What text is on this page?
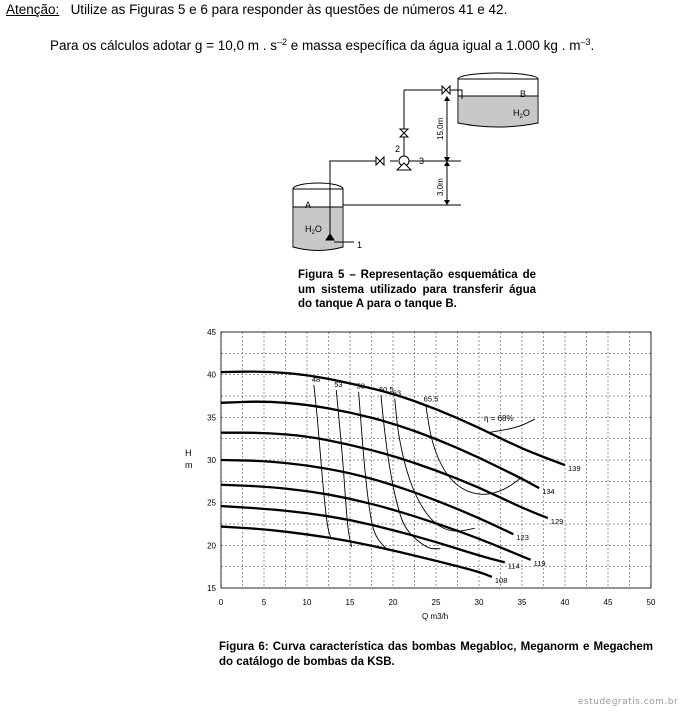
Atenção: Utilize as Figuras 5 e 6 para responder às questões de números 41 e 42.
Para os cálculos adotar g = 10,0 m . $s^{-2}$ e massa específica da água igual a 1.000 kg . $m^{-3}$.
A
B
$H_2O$
$H_2O$
1
2
3
15,0m
3,0m
Figura 5 – Representação esquemática de um sistema utilizado para transferir água do tanque A para o tanque B.
48
53 58 60,5 63
65,5
139
134
129
123
119
114
108
0	5	10	15	20	25	30	35	40	45	50
15
20
25
30
35
40
45
H
m
Q m3/h
η = 68%
Figura 6: Curva característica das bombas Megabloc, Meganorm e Megachem do catálogo de bombas da KSB.
estudegratis.com.br
